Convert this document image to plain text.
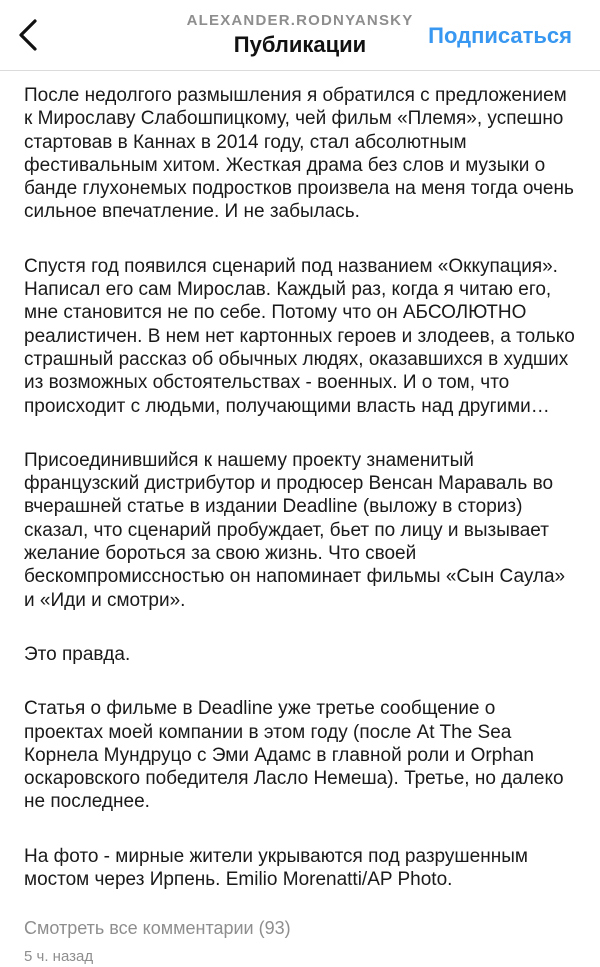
ALEXANDER.RODNYANSKY
Публикации	Подписаться

После недолгого размышления я обратился с предложением к Мирославу Слабошпицкому, чей фильм «Племя», успешно стартовав в Каннах в 2014 году, стал абсолютным фестивальным хитом. Жесткая драма без слов и музыки о банде глухонемых подростков произвела на меня тогда очень сильное впечатление. И не забылась.

Спустя год появился сценарий под названием «Оккупация». Написал его сам Мирослав. Каждый раз, когда я читаю его, мне становится не по себе. Потому что он АБСОЛЮТНО реалистичен. В нем нет картонных героев и злодеев, а только страшный рассказ об обычных людях, оказавшихся в худших из возможных обстоятельствах - военных. И о том, что происходит с людьми, получающими власть над другими…

Присоединившийся к нашему проекту знаменитый французский дистрибутор и продюсер Венсан Мараваль во вчерашней статье в издании Deadline (выложу в сториз) сказал, что сценарий пробуждает, бьет по лицу и вызывает желание бороться за свою жизнь. Что своей бескомпромиссностью он напоминает фильмы «Сын Саула» и «Иди и смотри».

Это правда.

Статья о фильме в Deadline уже третье сообщение о проектах моей компании в этом году (после At The Sea Корнела Мундруцо с Эми Адамс в главной роли и Orphan оскаровского победителя Ласло Немеша). Третье, но далеко не последнее.

На фото - мирные жители укрываются под разрушенным мостом через Ирпень. Emilio Morenatti/AP Photo.

Смотреть все комментарии (93)
5 ч. назад
